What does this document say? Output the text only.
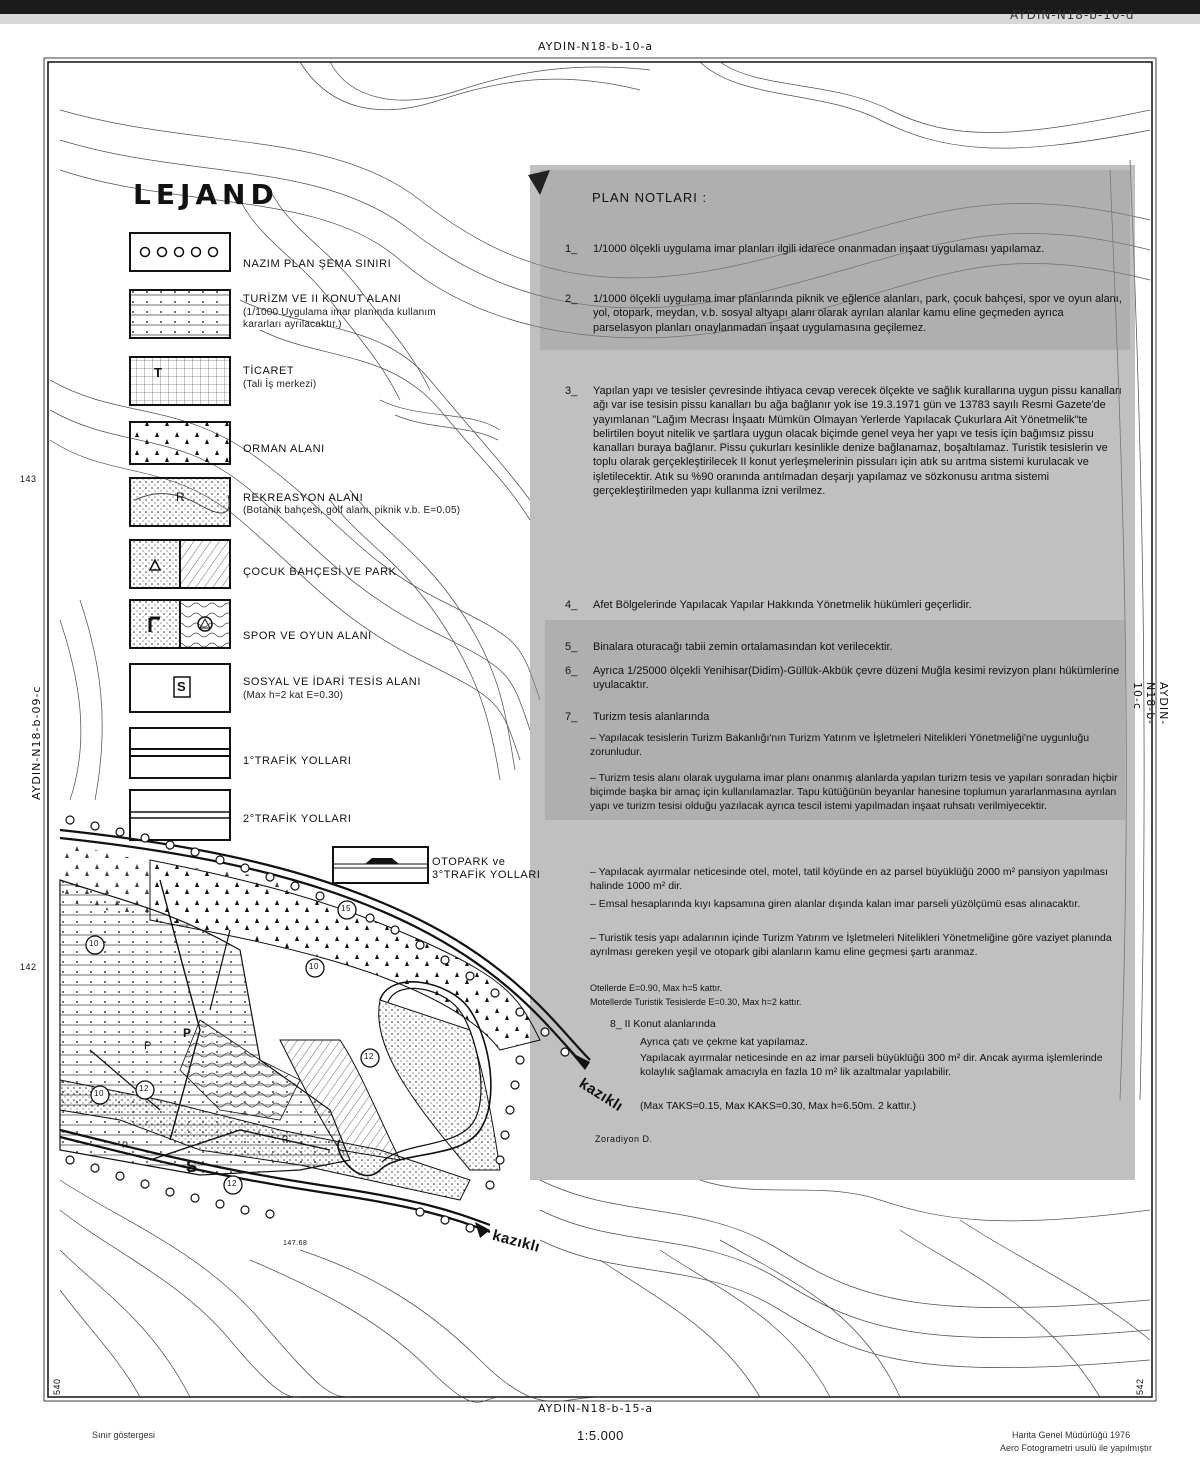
AYDIN-N18-b-10-d
AYDIN-N18-b-10-a
AYDIN-N18-b-15-a
AYDIN-N18-b-09-c	AYDIN-N18-b-10-c
143
142
540	542
LEJAND
T
R
S
NAZIM PLAN ŞEMA SINIRI
TURİZM VE II KONUT ALANI
(1/1000 Uygulama imar planında kullanım kararları ayrılacaktır.)
TİCARET
(Tali İş merkezi)
ORMAN ALANI
REKREASYON ALANI
(Botanik bahçesi, golf alanı, piknik v.b. E=0.05)
ÇOCUK BAHÇESİ VE PARK
SPOR VE OYUN ALANI
SOSYAL VE İDARİ TESİS ALANI
(Max h=2 kat E=0.30)
1°TRAFİK YOLLARI
2°TRAFİK YOLLARI
OTOPARK ve
3°TRAFİK YOLLARI
PLAN NOTLARI :
1_	1/1000 ölçekli uygulama imar planları ilgili idarece onanmadan inşaat uygulaması yapılamaz.
2_	1/1000 ölçekli uygulama imar planlarında piknik ve eğlence alanları, park, çocuk bahçesi, spor ve oyun alanı, yol, otopark, meydan, v.b. sosyal altyapı alanı olarak ayrılan alanlar kamu eline geçmeden ayrıca parselasyon planları onaylanmadan inşaat uygulamasına geçilemez.
3_	Yapılan yapı ve tesisler çevresinde ihtiyaca cevap verecek ölçekte ve sağlık kurallarına uygun pissu kanalları ağı var ise tesisin pissu kanalları bu ağa bağlanır yok ise 19.3.1971 gün ve 13783 sayılı Resmi Gazete'de yayımlanan "Lağım Mecrası İnşaatı Mümkün Olmayan Yerlerde Yapılacak Çukurlara Ait Yönetmelik"te belirtilen boyut nitelik ve şartlara uygun olacak biçimde genel veya her yapı ve tesis için bağımsız pissu kanalları buraya bağlanır. Pissu çukurları kesinlikle denize bağlanamaz, boşaltılamaz. Turistik tesislerin ve toplu olarak gerçekleştirilecek II konut yerleşmelerinin pissuları için atık su arıtma sistemi kurulacak ve işletilecektir. Atık su %90 oranında arıtılmadan deşarjı yapılamaz ve sözkonusu arıtma sistemi gerçekleştirilmeden yapı kullanma izni verilmez.
4_	Afet Bölgelerinde Yapılacak Yapılar Hakkında Yönetmelik hükümleri geçerlidir.
5_	Binalara oturacağı tabii zemin ortalamasından kot verilecektir.
6_	Ayrıca 1/25000 ölçekli Yenihisar(Didim)-Güllük-Akbük çevre düzeni Muğla kesimi revizyon planı hükümlerine uyulacaktır.
7_	Turizm tesis alanlarında
– Yapılacak tesislerin Turizm Bakanlığı'nın Turizm Yatırım ve İşletmeleri Nitelikleri Yönetmeliği'ne uygunluğu zorunludur.
– Turizm tesis alanı olarak uygulama imar planı onanmış alanlarda yapılan turizm tesis ve yapıları sonradan hiçbir biçimde başka bir amaç için kullanılamazlar. Tapu kütüğünün beyanlar hanesine toplumun yararlanmasına ayrılan yapı ve turizm tesisi olduğu yazılacak ayrıca tescil istemi yapılmadan inşaat ruhsatı verilmiyecektir.
– Yapılacak ayırmalar neticesinde otel, motel, tatil köyünde en az parsel büyüklüğü 2000 m² pansiyon yapılması halinde 1000 m² dir.
– Emsal hesaplarında kıyı kapsamına giren alanlar dışında kalan imar parseli yüzölçümü esas alınacaktır.
– Turistik tesis yapı adalarının içinde Turizm Yatırım ve İşletmeleri Nitelikleri Yönetmeliğine göre vaziyet planında ayrılması gereken yeşil ve otopark gibi alanların kamu eline geçmesi şartı aranmaz.
Otellerde E=0.90, Max h=5 kattır.
Motellerde Turistik Tesislerde E=0.30, Max h=2 kattır.
8_ II Konut alanlarında
Ayrıca çatı ve çekme kat yapılamaz.
Yapılacak ayırmalar neticesinde en az imar parseli büyüklüğü 300 m² dir. Ancak ayırma işlemlerinde kolaylık sağlamak amacıyla en fazla 10 m² lik azaltmalar yapılabilir.
(Max TAKS=0.15, Max KAKS=0.30, Max h=6.50m. 2 kattır.)
kazıklı
kazıklı
15
10
12
12
10
10
12
P
P
P
P
S
Zoradiyon D.
147.68
Sınır göstergesi	1:5.000	Harita Genel Müdürlüğü 1976
Aero Fotogrametri usulü ile yapılmıştır
